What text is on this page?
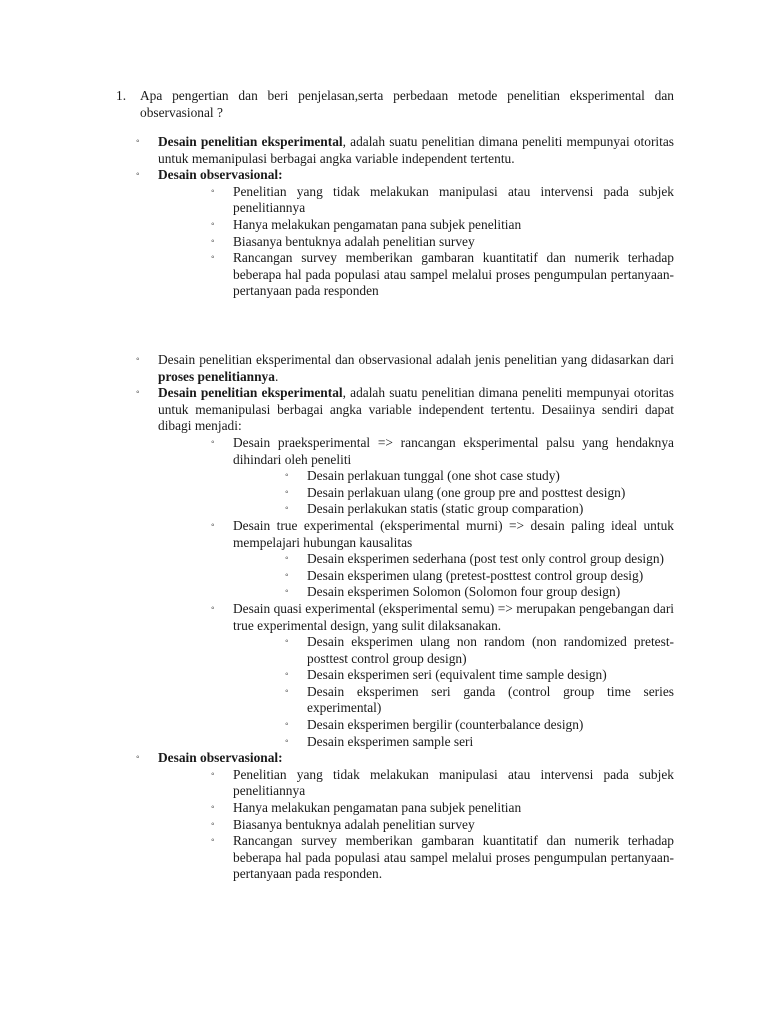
1. Apa pengertian dan beri penjelasan,serta perbedaan metode penelitian eksperimental dan observasional ?
◦ Desain penelitian eksperimental, adalah suatu penelitian dimana peneliti mempunyai otoritas untuk memanipulasi berbagai angka variable independent tertentu.
◦ Desain observasional:
◦ Penelitian yang tidak melakukan manipulasi atau intervensi pada subjek penelitiannya
◦ Hanya melakukan pengamatan pana subjek penelitian
◦ Biasanya bentuknya adalah penelitian survey
◦ Rancangan survey memberikan gambaran kuantitatif dan numerik terhadap beberapa hal pada populasi atau sampel melalui proses pengumpulan pertanyaan-pertanyaan pada responden
◦ Desain penelitian eksperimental dan observasional adalah jenis penelitian yang didasarkan dari proses penelitiannya.
◦ Desain penelitian eksperimental, adalah suatu penelitian dimana peneliti mempunyai otoritas untuk memanipulasi berbagai angka variable independent tertentu. Desaiinya sendiri dapat dibagi menjadi:
◦ Desain praeksperimental => rancangan eksperimental palsu yang hendaknya dihindari oleh peneliti
◦ Desain perlakuan tunggal (one shot case study)
◦ Desain perlakuan ulang (one group pre and posttest design)
◦ Desain perlakukan statis (static group comparation)
◦ Desain true experimental (eksperimental murni) => desain paling ideal untuk mempelajari hubungan kausalitas
◦ Desain eksperimen sederhana (post test only control group design)
◦ Desain eksperimen ulang (pretest-posttest control group desig)
◦ Desain eksperimen Solomon (Solomon four group design)
◦ Desain quasi experimental (eksperimental semu) => merupakan pengebangan dari true experimental design, yang sulit dilaksanakan.
◦ Desain eksperimen ulang non random (non randomized pretest-posttest control group design)
◦ Desain eksperimen seri (equivalent time sample design)
◦ Desain eksperimen seri ganda (control group time series experimental)
◦ Desain eksperimen bergilir (counterbalance design)
◦ Desain eksperimen sample seri
◦ Desain observasional:
◦ Penelitian yang tidak melakukan manipulasi atau intervensi pada subjek penelitiannya
◦ Hanya melakukan pengamatan pana subjek penelitian
◦ Biasanya bentuknya adalah penelitian survey
◦ Rancangan survey memberikan gambaran kuantitatif dan numerik terhadap beberapa hal pada populasi atau sampel melalui proses pengumpulan pertanyaan-pertanyaan pada responden.
